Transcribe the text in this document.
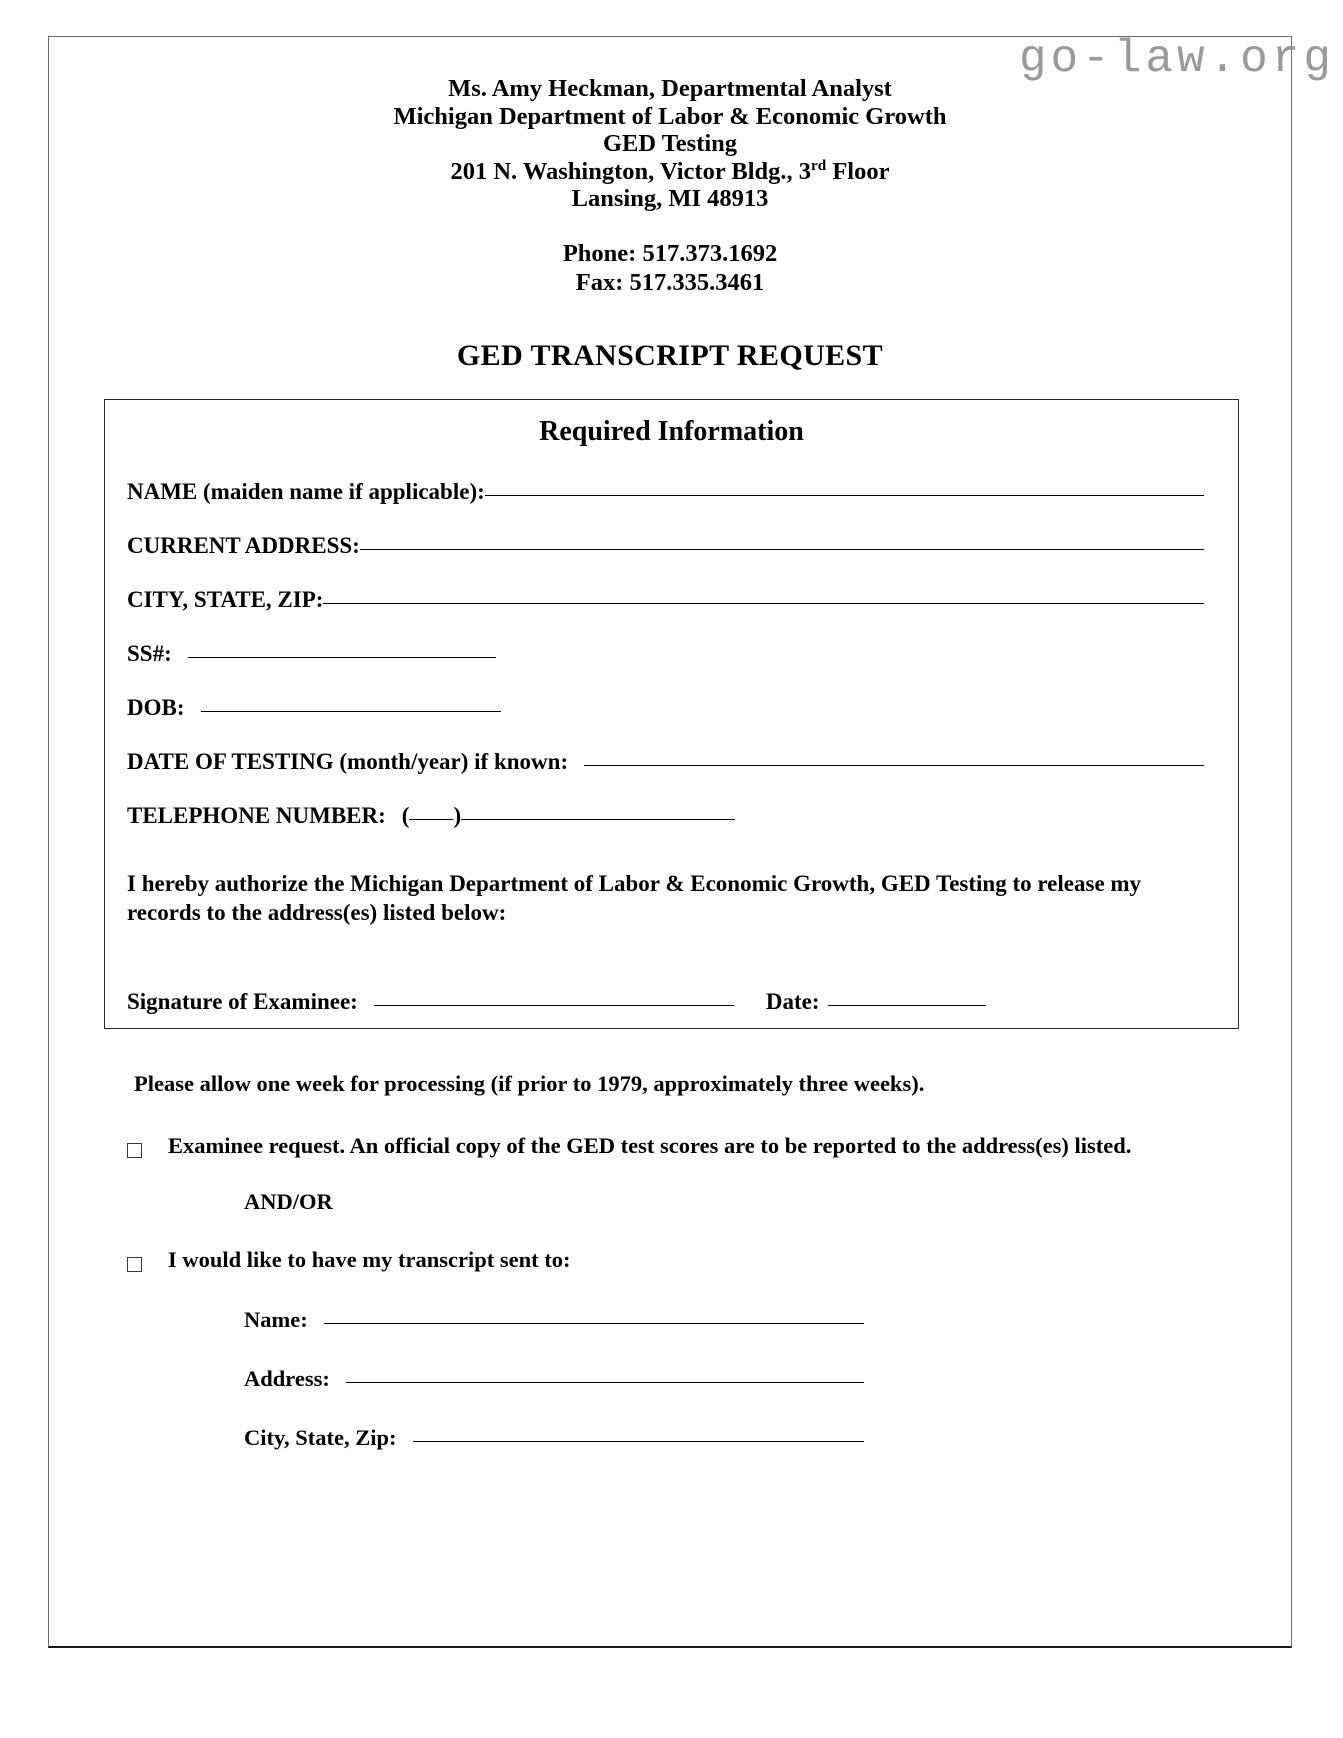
go-law.org
Ms. Amy Heckman, Departmental Analyst
Michigan Department of Labor & Economic Growth
GED Testing
201 N. Washington, Victor Bldg., 3rd Floor
Lansing, MI 48913
Phone: 517.373.1692
Fax: 517.335.3461
GED TRANSCRIPT REQUEST
Required Information
NAME (maiden name if applicable):
CURRENT ADDRESS:
CITY, STATE, ZIP:
SS#:
DOB:
DATE OF TESTING (month/year) if known:
TELEPHONE NUMBER: ( )
I hereby authorize the Michigan Department of Labor & Economic Growth, GED Testing to release my records to the address(es) listed below:
Signature of Examinee:	Date:
Please allow one week for processing (if prior to 1979, approximately three weeks).
Examinee request. An official copy of the GED test scores are to be reported to the address(es) listed.
AND/OR
I would like to have my transcript sent to:
Name:
Address:
City, State, Zip:
